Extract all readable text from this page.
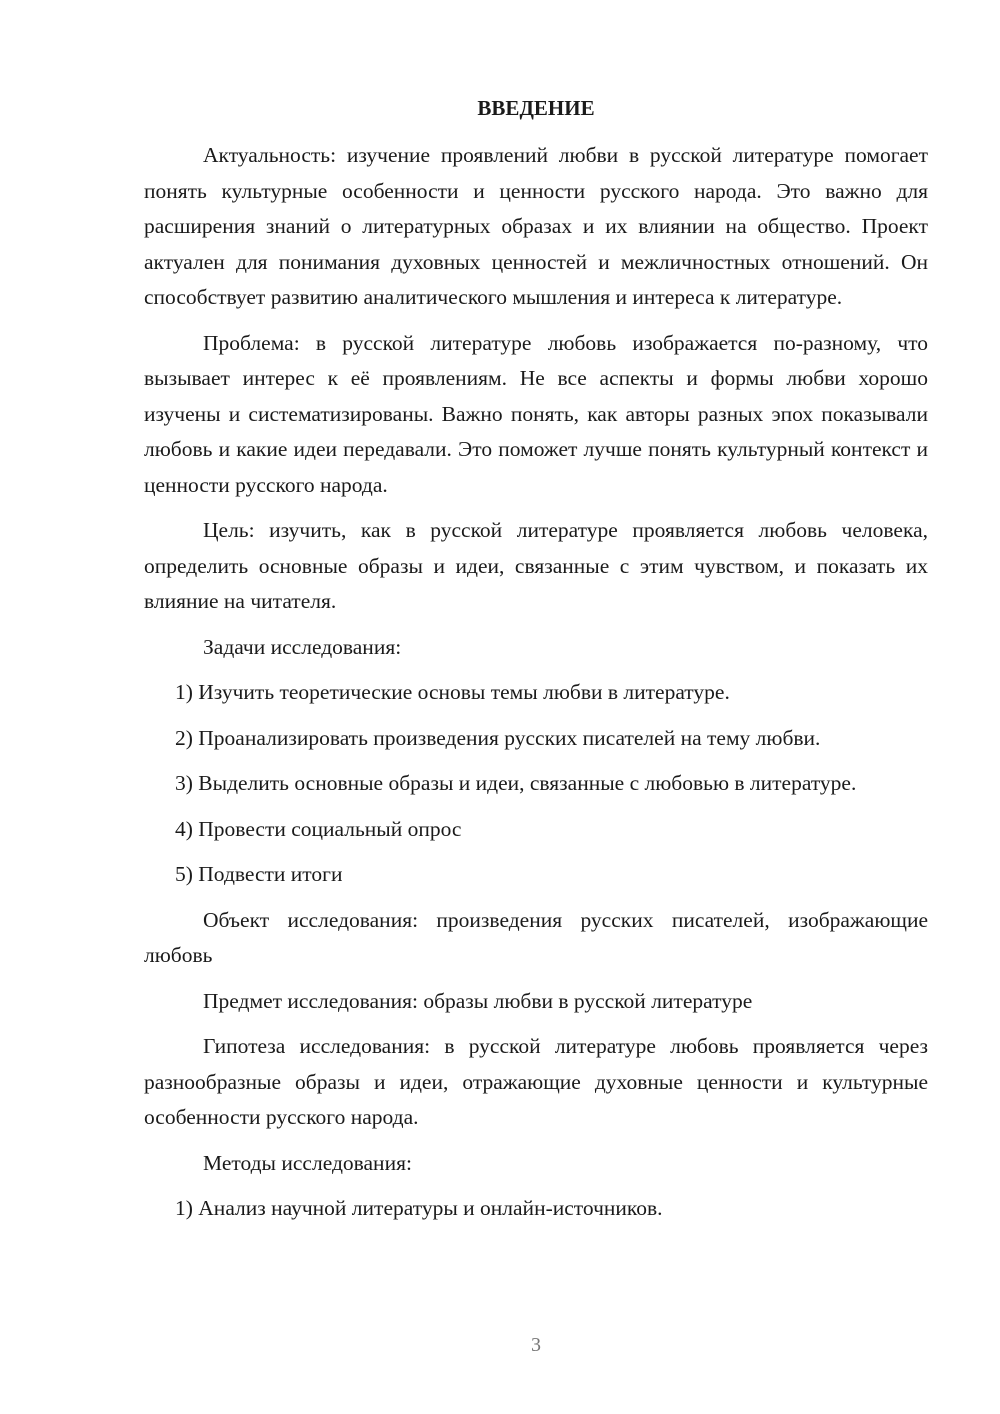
ВВЕДЕНИЕ

Актуальность: изучение проявлений любви в русской литературе помогает понять культурные особенности и ценности русского народа. Это важно для расширения знаний о литературных образах и их влиянии на общество. Проект актуален для понимания духовных ценностей и межличностных отношений. Он способствует развитию аналитического мышления и интереса к литературе.

Проблема: в русской литературе любовь изображается по-разному, что вызывает интерес к её проявлениям. Не все аспекты и формы любви хорошо изучены и систематизированы. Важно понять, как авторы разных эпох показывали любовь и какие идеи передавали. Это поможет лучше понять культурный контекст и ценности русского народа.

Цель: изучить, как в русской литературе проявляется любовь человека, определить основные образы и идеи, связанные с этим чувством, и показать их влияние на читателя.

Задачи исследования:

1) Изучить теоретические основы темы любви в литературе.

2) Проанализировать произведения русских писателей на тему любви.

3) Выделить основные образы и идеи, связанные с любовью в литературе.

4) Провести социальный опрос

5) Подвести итоги

Объект исследования: произведения русских писателей, изображающие любовь

Предмет исследования: образы любви в русской литературе

Гипотеза исследования: в русской литературе любовь проявляется через разнообразные образы и идеи, отражающие духовные ценности и культурные особенности русского народа.

Методы исследования:

1) Анализ научной литературы и онлайн-источников.

3
